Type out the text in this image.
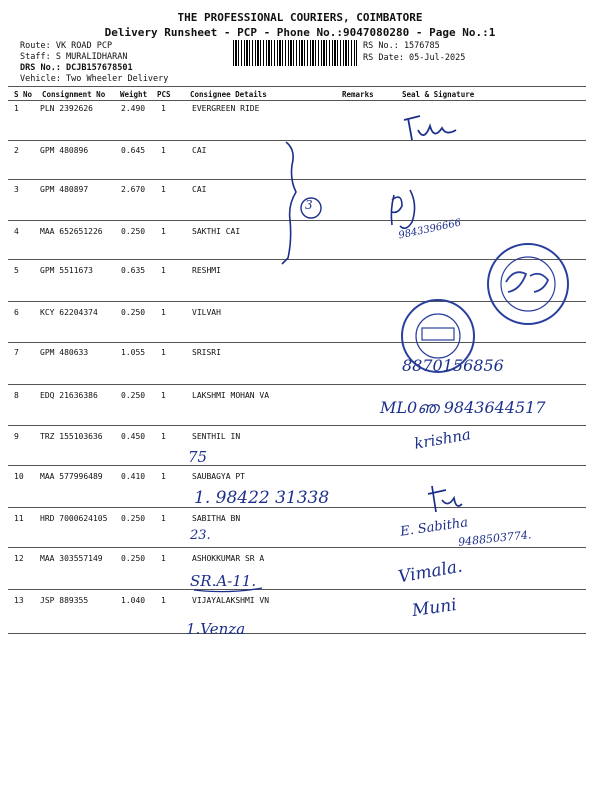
THE PROFESSIONAL COURIERS, COIMBATORE
Delivery Runsheet - PCP - Phone No.:9047080280 - Page No.:1
Route: VK ROAD PCP
Staff: S MURALIDHARAN
DRS No.: DCJB157678501
Vehicle: Two Wheeler Delivery
RS No.: 1576785
RS Date: 05-Jul-2025
S No Consignment No Weight PCS	Consignee Details	Remarks	Seal & Signature
1	PLN 2392626	2.490 1	EVERGREEN RIDE
2	GPM 480896	0.645 1	CAI
3	GPM 480897	2.670 1	CAI
4	MAA 652651226 0.250 1	SAKTHI CAI
5	GPM 5511673	0.635 1	RESHMI
6	KCY 62204374	0.250 1	VILVAH
7	GPM 480633	1.055 1	SRISRI
8	EDQ 21636386	0.250 1	LAKSHMI MOHAN VA
9	TRZ 155103636 0.450 1	SENTHIL IN
10 MAA 577996489 0.410 1	SAUBAGYA PT
11 HRD 7000624105 0.250 1	SABITHA BN
12 MAA 303557149 0.250 1	ASHOKKUMAR SR A
13 JSP 889355	1.040 1	VIJAYALAKSHMI VN
3
9843396666
8870156856
ML0ഞ 9843644517
75
krishna
1. 98422 31338
23.	E. Sabitha
9488503774.
SR.A-11.	Vimala.
1.Venza
Muni
